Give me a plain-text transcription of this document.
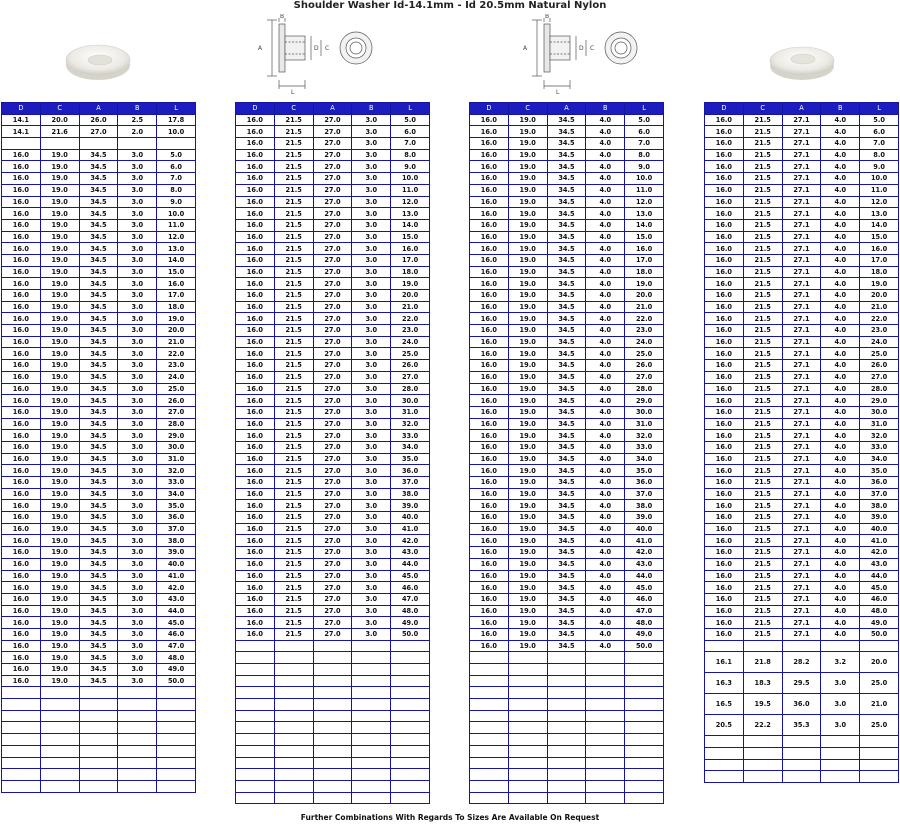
Shoulder Washer Id-14.1mm - Id 20.5mm Natural Nylon
A	D C
B
L
A	D C
B
L
D	C	A	B	L
14.1	20.0	26.0	2.5	17.8
14.1	21.6	27.0	2.0	10.0

16.0	19.0	34.5	3.0	5.0
16.0	19.0	34.5	3.0	6.0
16.0	19.0	34.5	3.0	7.0
16.0	19.0	34.5	3.0	8.0
16.0	19.0	34.5	3.0	9.0
16.0	19.0	34.5	3.0	10.0
16.0	19.0	34.5	3.0	11.0
16.0	19.0	34.5	3.0	12.0
16.0	19.0	34.5	3.0	13.0
16.0	19.0	34.5	3.0	14.0
16.0	19.0	34.5	3.0	15.0
16.0	19.0	34.5	3.0	16.0
16.0	19.0	34.5	3.0	17.0
16.0	19.0	34.5	3.0	18.0
16.0	19.0	34.5	3.0	19.0
16.0	19.0	34.5	3.0	20.0
16.0	19.0	34.5	3.0	21.0
16.0	19.0	34.5	3.0	22.0
16.0	19.0	34.5	3.0	23.0
16.0	19.0	34.5	3.0	24.0
16.0	19.0	34.5	3.0	25.0
16.0	19.0	34.5	3.0	26.0
16.0	19.0	34.5	3.0	27.0
16.0	19.0	34.5	3.0	28.0
16.0	19.0	34.5	3.0	29.0
16.0	19.0	34.5	3.0	30.0
16.0	19.0	34.5	3.0	31.0
16.0	19.0	34.5	3.0	32.0
16.0	19.0	34.5	3.0	33.0
16.0	19.0	34.5	3.0	34.0
16.0	19.0	34.5	3.0	35.0
16.0	19.0	34.5	3.0	36.0
16.0	19.0	34.5	3.0	37.0
16.0	19.0	34.5	3.0	38.0
16.0	19.0	34.5	3.0	39.0
16.0	19.0	34.5	3.0	40.0
16.0	19.0	34.5	3.0	41.0
16.0	19.0	34.5	3.0	42.0
16.0	19.0	34.5	3.0	43.0
16.0	19.0	34.5	3.0	44.0
16.0	19.0	34.5	3.0	45.0
16.0	19.0	34.5	3.0	46.0
16.0	19.0	34.5	3.0	47.0
16.0	19.0	34.5	3.0	48.0
16.0	19.0	34.5	3.0	49.0
16.0	19.0	34.5	3.0	50.0

D	C	A	B	L
16.0	21.5	27.0	3.0	5.0
16.0	21.5	27.0	3.0	6.0
16.0	21.5	27.0	3.0	7.0
16.0	21.5	27.0	3.0	8.0
16.0	21.5	27.0	3.0	9.0
16.0	21.5	27.0	3.0	10.0
16.0	21.5	27.0	3.0	11.0
16.0	21.5	27.0	3.0	12.0
16.0	21.5	27.0	3.0	13.0
16.0	21.5	27.0	3.0	14.0
16.0	21.5	27.0	3.0	15.0
16.0	21.5	27.0	3.0	16.0
16.0	21.5	27.0	3.0	17.0
16.0	21.5	27.0	3.0	18.0
16.0	21.5	27.0	3.0	19.0
16.0	21.5	27.0	3.0	20.0
16.0	21.5	27.0	3.0	21.0
16.0	21.5	27.0	3.0	22.0
16.0	21.5	27.0	3.0	23.0
16.0	21.5	27.0	3.0	24.0
16.0	21.5	27.0	3.0	25.0
16.0	21.5	27.0	3.0	26.0
16.0	21.5	27.0	3.0	27.0
16.0	21.5	27.0	3.0	28.0
16.0	21.5	27.0	3.0	30.0
16.0	21.5	27.0	3.0	31.0
16.0	21.5	27.0	3.0	32.0
16.0	21.5	27.0	3.0	33.0
16.0	21.5	27.0	3.0	34.0
16.0	21.5	27.0	3.0	35.0
16.0	21.5	27.0	3.0	36.0
16.0	21.5	27.0	3.0	37.0
16.0	21.5	27.0	3.0	38.0
16.0	21.5	27.0	3.0	39.0
16.0	21.5	27.0	3.0	40.0
16.0	21.5	27.0	3.0	41.0
16.0	21.5	27.0	3.0	42.0
16.0	21.5	27.0	3.0	43.0
16.0	21.5	27.0	3.0	44.0
16.0	21.5	27.0	3.0	45.0
16.0	21.5	27.0	3.0	46.0
16.0	21.5	27.0	3.0	47.0
16.0	21.5	27.0	3.0	48.0
16.0	21.5	27.0	3.0	49.0
16.0	21.5	27.0	3.0	50.0

D	C	A	B	L
16.0	19.0	34.5	4.0	5.0
16.0	19.0	34.5	4.0	6.0
16.0	19.0	34.5	4.0	7.0
16.0	19.0	34.5	4.0	8.0
16.0	19.0	34.5	4.0	9.0
16.0	19.0	34.5	4.0	10.0
16.0	19.0	34.5	4.0	11.0
16.0	19.0	34.5	4.0	12.0
16.0	19.0	34.5	4.0	13.0
16.0	19.0	34.5	4.0	14.0
16.0	19.0	34.5	4.0	15.0
16.0	19.0	34.5	4.0	16.0
16.0	19.0	34.5	4.0	17.0
16.0	19.0	34.5	4.0	18.0
16.0	19.0	34.5	4.0	19.0
16.0	19.0	34.5	4.0	20.0
16.0	19.0	34.5	4.0	21.0
16.0	19.0	34.5	4.0	22.0
16.0	19.0	34.5	4.0	23.0
16.0	19.0	34.5	4.0	24.0
16.0	19.0	34.5	4.0	25.0
16.0	19.0	34.5	4.0	26.0
16.0	19.0	34.5	4.0	27.0
16.0	19.0	34.5	4.0	28.0
16.0	19.0	34.5	4.0	29.0
16.0	19.0	34.5	4.0	30.0
16.0	19.0	34.5	4.0	31.0
16.0	19.0	34.5	4.0	32.0
16.0	19.0	34.5	4.0	33.0
16.0	19.0	34.5	4.0	34.0
16.0	19.0	34.5	4.0	35.0
16.0	19.0	34.5	4.0	36.0
16.0	19.0	34.5	4.0	37.0
16.0	19.0	34.5	4.0	38.0
16.0	19.0	34.5	4.0	39.0
16.0	19.0	34.5	4.0	40.0
16.0	19.0	34.5	4.0	41.0
16.0	19.0	34.5	4.0	42.0
16.0	19.0	34.5	4.0	43.0
16.0	19.0	34.5	4.0	44.0
16.0	19.0	34.5	4.0	45.0
16.0	19.0	34.5	4.0	46.0
16.0	19.0	34.5	4.0	47.0
16.0	19.0	34.5	4.0	48.0
16.0	19.0	34.5	4.0	49.0
16.0	19.0	34.5	4.0	50.0

D	C	A	B	L
16.0	21.5	27.1	4.0	5.0
16.0	21.5	27.1	4.0	6.0
16.0	21.5	27.1	4.0	7.0
16.0	21.5	27.1	4.0	8.0
16.0	21.5	27.1	4.0	9.0
16.0	21.5	27.1	4.0	10.0
16.0	21.5	27.1	4.0	11.0
16.0	21.5	27.1	4.0	12.0
16.0	21.5	27.1	4.0	13.0
16.0	21.5	27.1	4.0	14.0
16.0	21.5	27.1	4.0	15.0
16.0	21.5	27.1	4.0	16.0
16.0	21.5	27.1	4.0	17.0
16.0	21.5	27.1	4.0	18.0
16.0	21.5	27.1	4.0	19.0
16.0	21.5	27.1	4.0	20.0
16.0	21.5	27.1	4.0	21.0
16.0	21.5	27.1	4.0	22.0
16.0	21.5	27.1	4.0	23.0
16.0	21.5	27.1	4.0	24.0
16.0	21.5	27.1	4.0	25.0
16.0	21.5	27.1	4.0	26.0
16.0	21.5	27.1	4.0	27.0
16.0	21.5	27.1	4.0	28.0
16.0	21.5	27.1	4.0	29.0
16.0	21.5	27.1	4.0	30.0
16.0	21.5	27.1	4.0	31.0
16.0	21.5	27.1	4.0	32.0
16.0	21.5	27.1	4.0	33.0
16.0	21.5	27.1	4.0	34.0
16.0	21.5	27.1	4.0	35.0
16.0	21.5	27.1	4.0	36.0
16.0	21.5	27.1	4.0	37.0
16.0	21.5	27.1	4.0	38.0
16.0	21.5	27.1	4.0	39.0
16.0	21.5	27.1	4.0	40.0
16.0	21.5	27.1	4.0	41.0
16.0	21.5	27.1	4.0	42.0
16.0	21.5	27.1	4.0	43.0
16.0	21.5	27.1	4.0	44.0
16.0	21.5	27.1	4.0	45.0
16.0	21.5	27.1	4.0	46.0
16.0	21.5	27.1	4.0	48.0
16.0	21.5	27.1	4.0	49.0
16.0	21.5	27.1	4.0	50.0

16.1	21.8	28.2	3.2	20.0
16.3	18.3	29.5	3.0	25.0
16.5	19.5	36.0	3.0	21.0
20.5	22.2	35.3	3.0	25.0

Further Combinations With Regards To Sizes Are Available On Request
